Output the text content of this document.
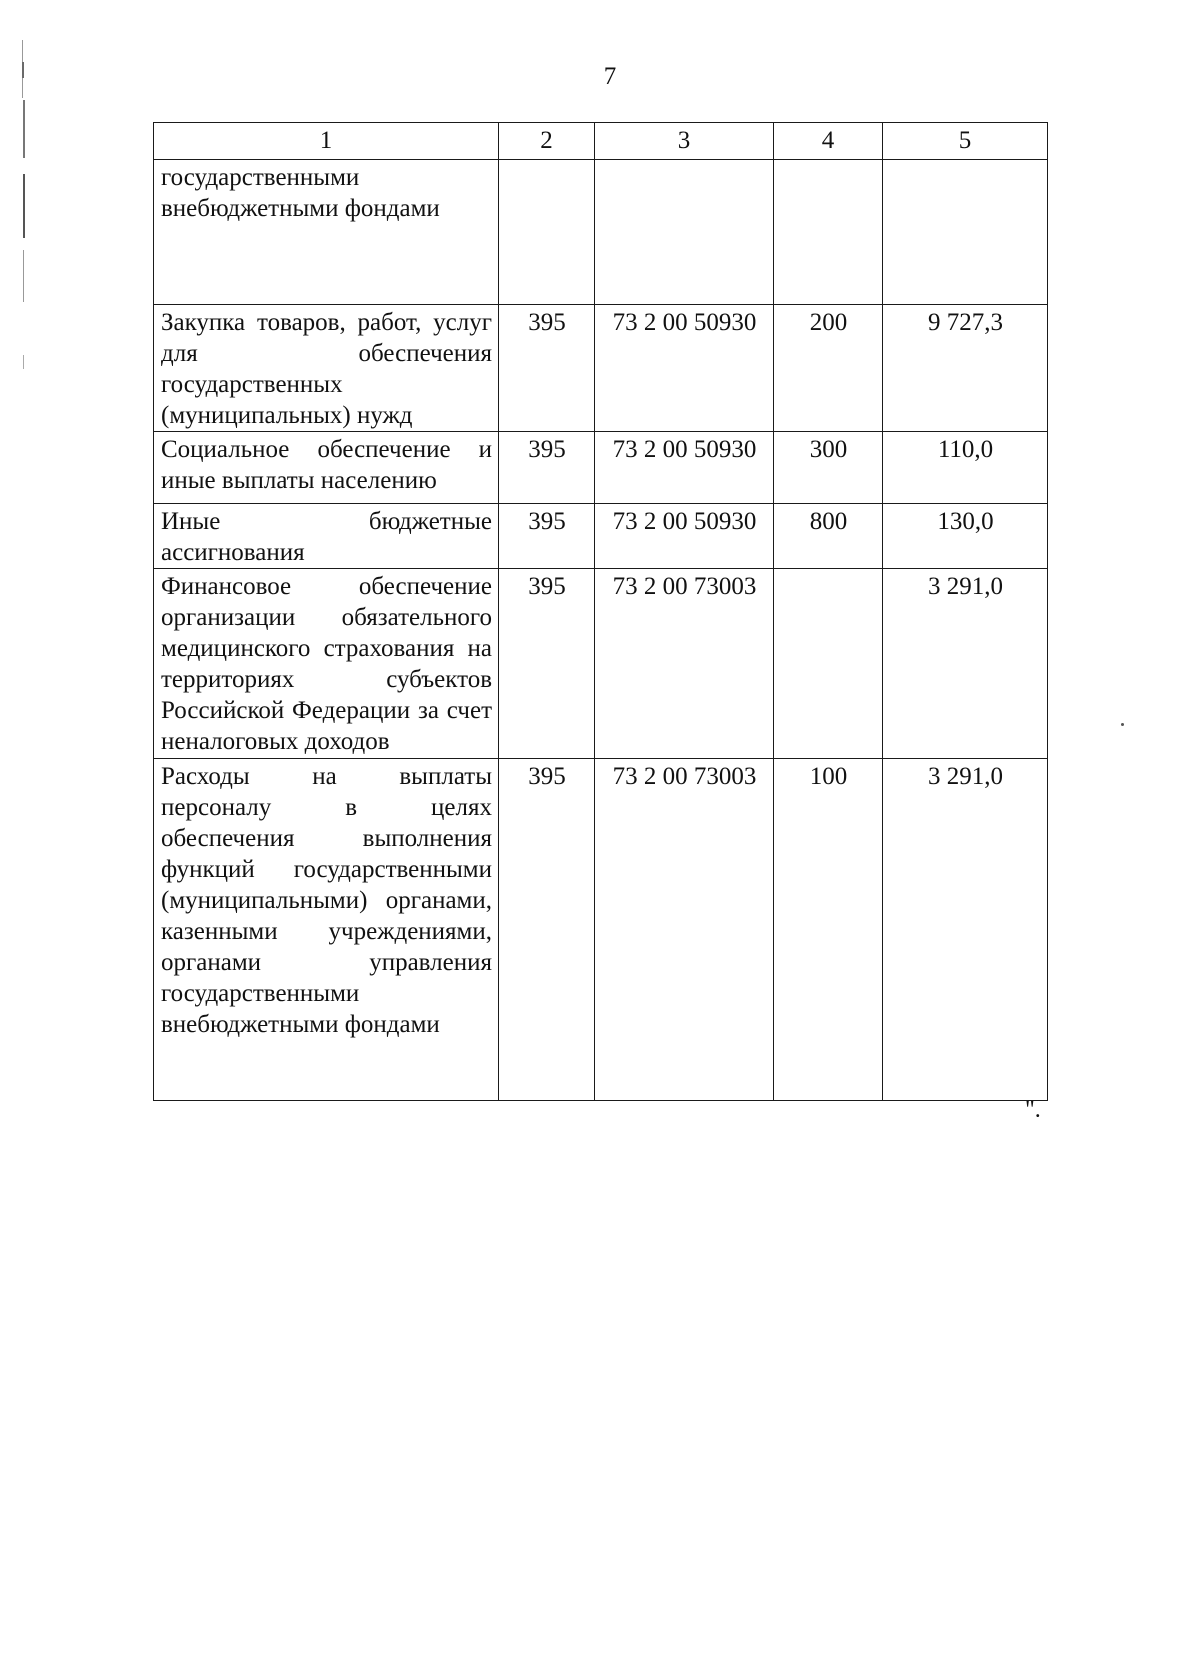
7
1	2	3	4	5
государственными внебюджетными фондами				
Закупка товаров, работ, услуг для обеспечения государственных (муниципальных) нужд	395	73 2 00 50930	200	9 727,3
Социальное обеспечение и иные выплаты населению	395	73 2 00 50930	300	110,0
Иные бюджетные ассигнования	395	73 2 00 50930	800	130,0
Финансовое обеспечение организации обязательного медицинского страхования на территориях субъектов Российской Федерации за счет неналоговых доходов	395	73 2 00 73003		3 291,0
Расходы на выплаты персоналу в целях обеспечения выполнения функций государственными (муниципальными) органами, казенными учреждениями, органами управления государственными внебюджетными фондами	395	73 2 00 73003	100	3 291,0
".
